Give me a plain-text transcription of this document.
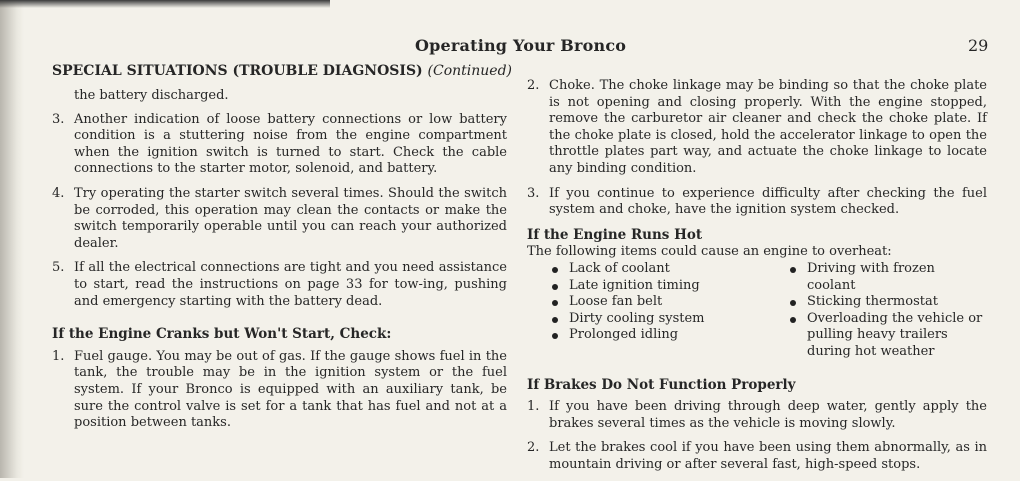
Operating Your Bronco	29
SPECIAL SITUATIONS (TROUBLE DIAGNOSIS) (Continued)

the battery discharged.

3. Another indication of loose battery connections or low battery condition is a stuttering noise from the engine compartment when the ignition switch is turned to start. Check the cable connections to the starter motor, solenoid, and battery.
4. Try operating the starter switch several times. Should the switch be corroded, this operation may clean the contacts or make the switch temporarily operable until you can reach your authorized dealer.
5. If all the electrical connections are tight and you need assistance to start, read the instructions on page 33 for tow-ing, pushing and emergency starting with the battery dead.
If the Engine Cranks but Won't Start, Check:
1. Fuel gauge. You may be out of gas. If the gauge shows fuel in the tank, the trouble may be in the ignition system or the fuel system. If your Bronco is equipped with an auxiliary tank, be sure the control valve is set for a tank that has fuel and not at a position between tanks.
2. Choke. The choke linkage may be binding so that the choke plate is not opening and closing properly. With the engine stopped, remove the carburetor air cleaner and check the choke plate. If the choke plate is closed, hold the accelerator linkage to open the throttle plates part way, and actuate the choke linkage to locate any binding condition.
3. If you continue to experience difficulty after checking the fuel system and choke, have the ignition system checked.
If the Engine Runs Hot

The following items could cause an engine to overheat:

Lack of coolant
Late ignition timing
Loose fan belt
Dirty cooling system
Prolonged idling
Driving with frozen coolant
Sticking thermostat
Overloading the vehicle or pulling heavy trailers during hot weather
If Brakes Do Not Function Properly
1. If you have been driving through deep water, gently apply the brakes several times as the vehicle is moving slowly.
2. Let the brakes cool if you have been using them abnormally, as in mountain driving or after several fast, high-speed stops.
